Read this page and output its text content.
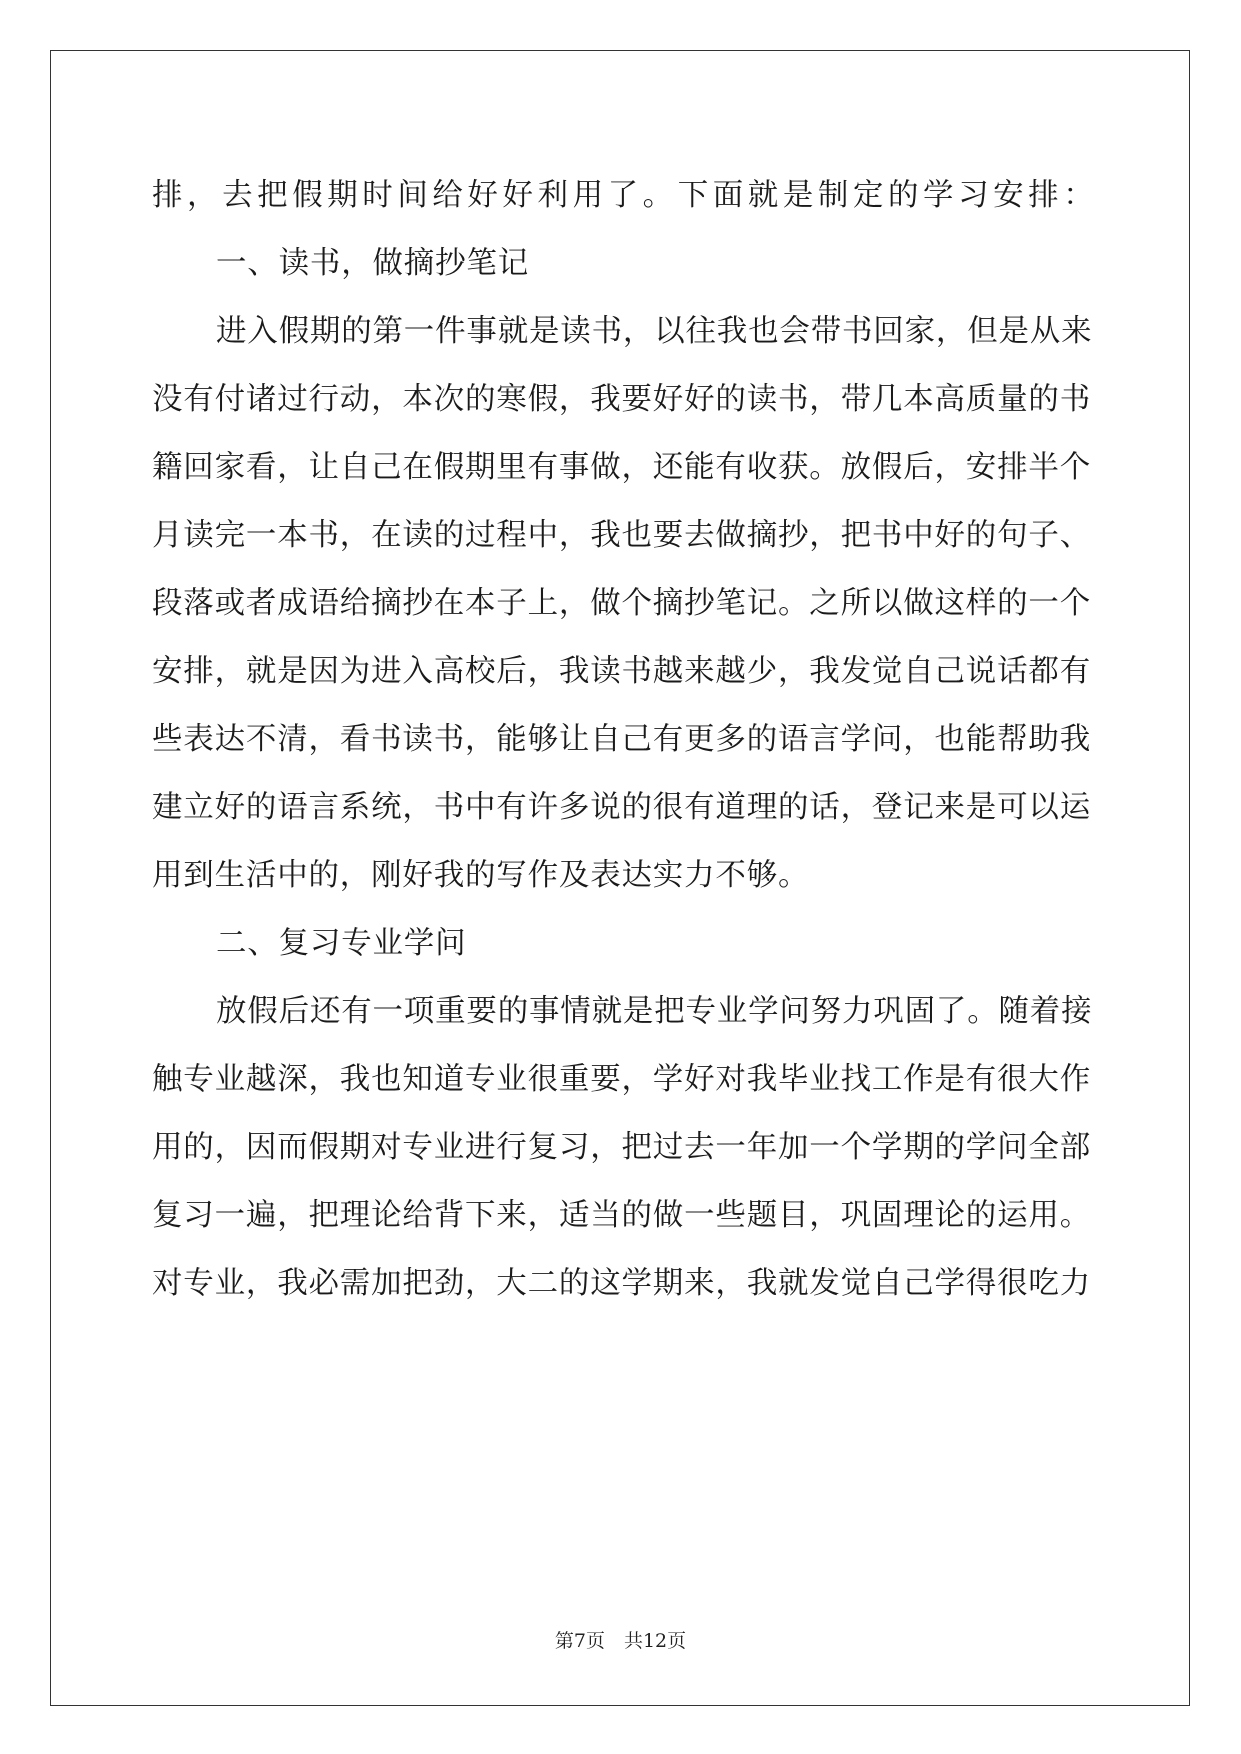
排 ， 去 把 假 期 时 间 给 好 好 利 用 了 。 下 面 就 是 制 定 的 学 习 安 排 ：
一、读书，做摘抄笔记
进入假期的第一件事就是读书，以往我也会带书回家，但是从来
没有付诸过行动，本次的寒假，我要好好的读书，带几本高质量的书
籍回家看，让自己在假期里有事做，还能有收获。放假后，安排半个
月读完一本书，在读的过程中，我也要去做摘抄，把书中好的句子、
段落或者成语给摘抄在本子上，做个摘抄笔记。之所以做这样的一个
安排，就是因为进入高校后，我读书越来越少，我发觉自己说话都有
些表达不清，看书读书，能够让自己有更多的语言学问，也能帮助我
建立好的语言系统，书中有许多说的很有道理的话，登记来是可以运
用到生活中的，刚好我的写作及表达实力不够。
二、复习专业学问
放假后还有一项重要的事情就是把专业学问努力巩固了。随着接
触专业越深，我也知道专业很重要，学好对我毕业找工作是有很大作
用的，因而假期对专业进行复习，把过去一年加一个学期的学问全部
复习一遍，把理论给背下来，适当的做一些题目，巩固理论的运用。
对专业，我必需加把劲，大二的这学期来，我就发觉自己学得很吃力
第7页　共12页
